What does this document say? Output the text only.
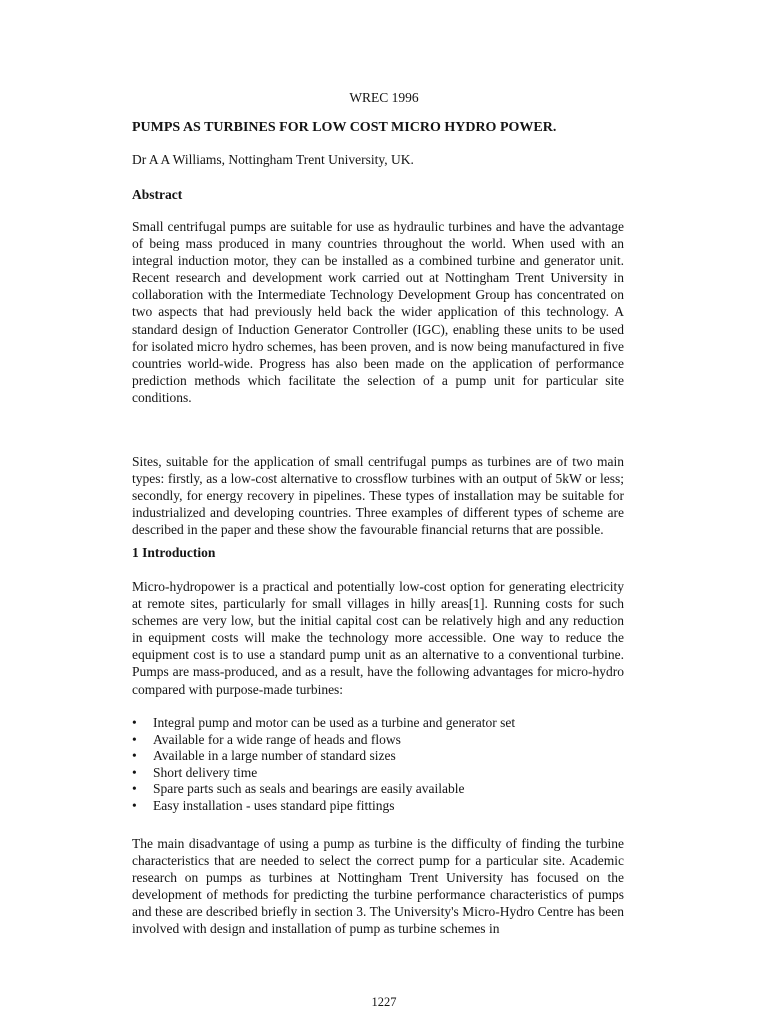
WREC 1996
PUMPS AS TURBINES FOR LOW COST MICRO HYDRO POWER.
Dr A A Williams, Nottingham Trent University, UK.
Abstract

Small centrifugal pumps are suitable for use as hydraulic turbines and have the advantage of being mass produced in many countries throughout the world. When used with an integral induction motor, they can be installed as a combined turbine and generator unit. Recent research and development work carried out at Nottingham Trent University in collaboration with the Intermediate Technology Development Group has concentrated on two aspects that had previously held back the wider application of this technology. A standard design of Induction Generator Controller (IGC), enabling these units to be used for isolated micro hydro schemes, has been proven, and is now being manufactured in five countries world-wide. Progress has also been made on the application of performance prediction methods which facilitate the selection of a pump unit for particular site conditions.

Sites, suitable for the application of small centrifugal pumps as turbines are of two main types: firstly, as a low-cost alternative to crossflow turbines with an output of 5kW or less; secondly, for energy recovery in pipelines. These types of installation may be suitable for industrialized and developing countries. Three examples of different types of scheme are described in the paper and these show the favourable financial returns that are possible.

1 Introduction

Micro-hydropower is a practical and potentially low-cost option for generating electricity at remote sites, particularly for small villages in hilly areas[1]. Running costs for such schemes are very low, but the initial capital cost can be relatively high and any reduction in equipment costs will make the technology more accessible. One way to reduce the equipment cost is to use a standard pump unit as an alternative to a conventional turbine. Pumps are mass-produced, and as a result, have the following advantages for micro-hydro compared with purpose-made turbines:

• Integral pump and motor can be used as a turbine and generator set
• Available for a wide range of heads and flows
• Available in a large number of standard sizes
• Short delivery time
• Spare parts such as seals and bearings are easily available
• Easy installation - uses standard pipe fittings

The main disadvantage of using a pump as turbine is the difficulty of finding the turbine characteristics that are needed to select the correct pump for a particular site. Academic research on pumps as turbines at Nottingham Trent University has focused on the development of methods for predicting the turbine performance characteristics of pumps and these are described briefly in section 3. The University's Micro-Hydro Centre has been involved with design and installation of pump as turbine schemes in

1227
